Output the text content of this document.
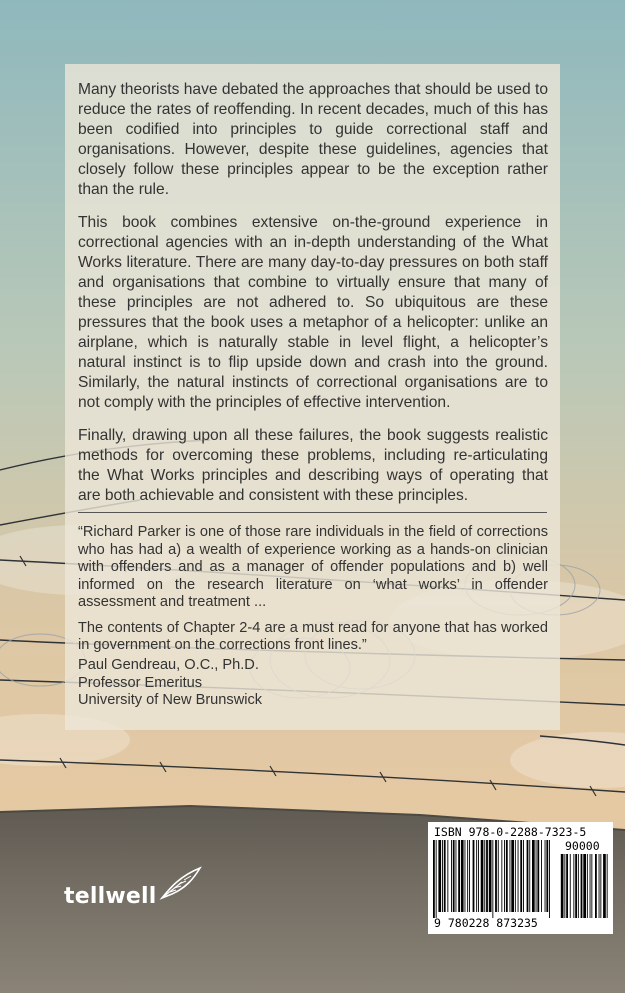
Many theorists have debated the approaches that should be used to reduce the rates of reoffending. In recent decades, much of this has been codified into principles to guide correctional staff and organisations. However, despite these guidelines, agencies that closely follow these principles appear to be the exception rather than the rule.

This book combines extensive on-the-ground experience in correctional agencies with an in-depth understanding of the What Works literature. There are many day-to-day pressures on both staff and organisations that combine to virtually ensure that many of these principles are not adhered to. So ubiquitous are these pressures that the book uses a metaphor of a helicopter: unlike an airplane, which is naturally stable in level flight, a helicopter’s natural instinct is to flip upside down and crash into the ground. Similarly, the natural instincts of correctional organisations are to not comply with the principles of effective intervention.

Finally, drawing upon all these failures, the book suggests realistic methods for overcoming these problems, including re-articulating the What Works principles and describing ways of operating that are both achievable and consistent with these principles.

“Richard Parker is one of those rare individuals in the field of corrections who has had a) a wealth of experience working as a hands-on clinician with offenders and as a manager of offender populations and b) well informed on the research literature on ‘what works’ in offender assessment and treatment ...

The contents of Chapter 2-4 are a must read for anyone that has worked in government on the corrections front lines.”

Paul Gendreau, O.C., Ph.D.
Professor Emeritus
University of New Brunswick
tellwell
ISBN 978-0-2288-7323-5
90000
9 780228 873235
